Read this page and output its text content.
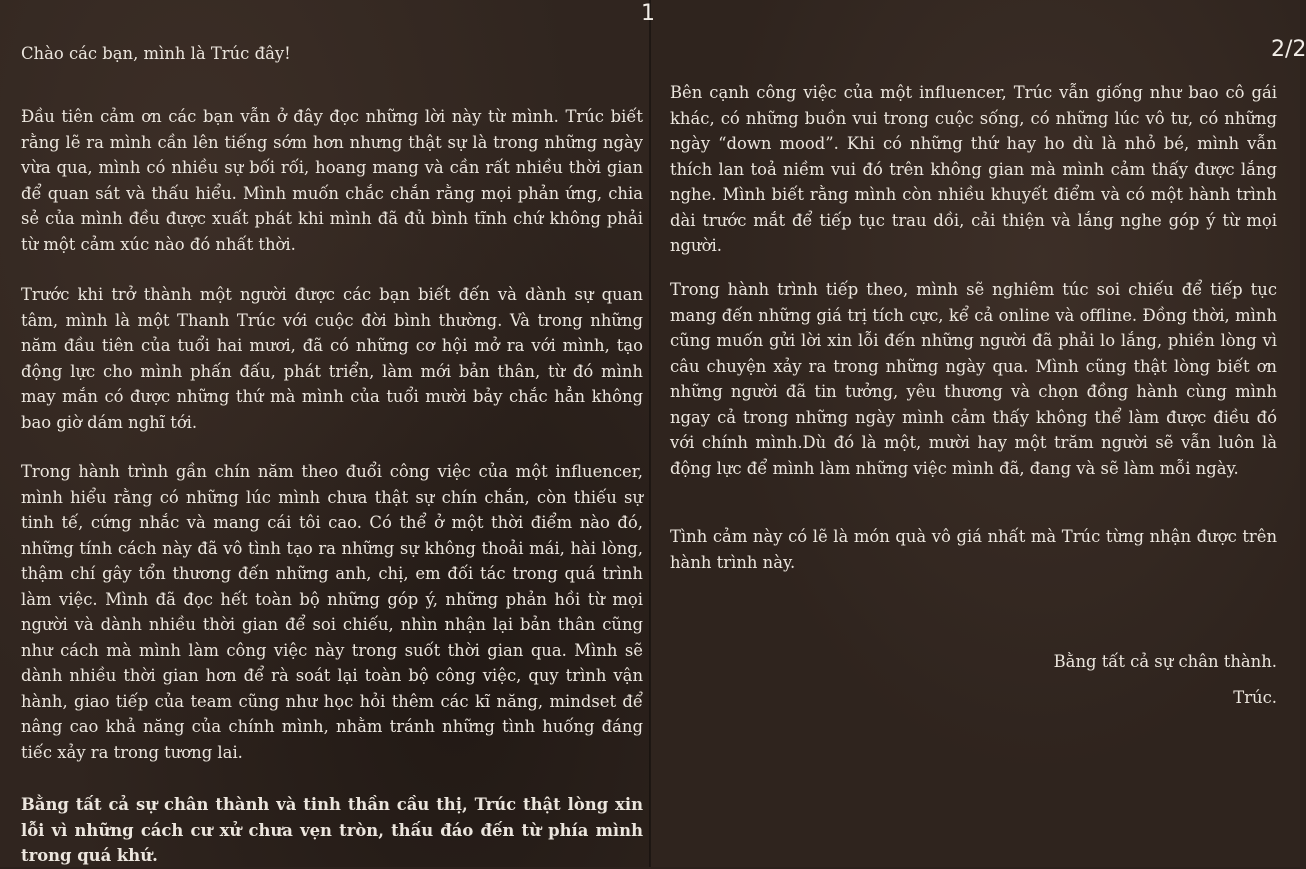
Chào các bạn, mình là Trúc đây!

Đầu tiên cảm ơn các bạn vẫn ở đây đọc những lời này từ mình. Trúc biết rằng lẽ ra mình cần lên tiếng sớm hơn nhưng thật sự là trong những ngày vừa qua, mình có nhiều sự bối rối, hoang mang và cần rất nhiều thời gian để quan sát và thấu hiểu. Mình muốn chắc chắn rằng mọi phản ứng, chia sẻ của mình đều được xuất phát khi mình đã đủ bình tĩnh chứ không phải từ một cảm xúc nào đó nhất thời.

Trước khi trở thành một người được các bạn biết đến và dành sự quan tâm, mình là một Thanh Trúc với cuộc đời bình thường. Và trong những năm đầu tiên của tuổi hai mươi, đã có những cơ hội mở ra với mình, tạo động lực cho mình phấn đấu, phát triển, làm mới bản thân, từ đó mình may mắn có được những thứ mà mình của tuổi mười bảy chắc hẳn không bao giờ dám nghĩ tới.

Trong hành trình gần chín năm theo đuổi công việc của một influencer, mình hiểu rằng có những lúc mình chưa thật sự chín chắn, còn thiếu sự tinh tế, cứng nhắc và mang cái tôi cao. Có thể ở một thời điểm nào đó, những tính cách này đã vô tình tạo ra những sự không thoải mái, hài lòng, thậm chí gây tổn thương đến những anh, chị, em đối tác trong quá trình làm việc. Mình đã đọc hết toàn bộ những góp ý, những phản hồi từ mọi người và dành nhiều thời gian để soi chiếu, nhìn nhận lại bản thân cũng như cách mà mình làm công việc này trong suốt thời gian qua. Mình sẽ dành nhiều thời gian hơn để rà soát lại toàn bộ công việc, quy trình vận hành, giao tiếp của team cũng như học hỏi thêm các kĩ năng, mindset để nâng cao khả năng của chính mình, nhằm tránh những tình huống đáng tiếc xảy ra trong tương lai.

Bằng tất cả sự chân thành và tinh thần cầu thị, Trúc thật lòng xin lỗi vì những cách cư xử chưa vẹn tròn, thấu đáo đến từ phía mình trong quá khứ.

Bên cạnh công việc của một influencer, Trúc vẫn giống như bao cô gái khác, có những buồn vui trong cuộc sống, có những lúc vô tư, có những ngày “down mood”. Khi có những thứ hay ho dù là nhỏ bé, mình vẫn thích lan toả niềm vui đó trên không gian mà mình cảm thấy được lắng nghe. Mình biết rằng mình còn nhiều khuyết điểm và có một hành trình dài trước mắt để tiếp tục trau dồi, cải thiện và lắng nghe góp ý từ mọi người.

Trong hành trình tiếp theo, mình sẽ nghiêm túc soi chiếu để tiếp tục mang đến những giá trị tích cực, kể cả online và offline. Đồng thời, mình cũng muốn gửi lời xin lỗi đến những người đã phải lo lắng, phiền lòng vì câu chuyện xảy ra trong những ngày qua. Mình cũng thật lòng biết ơn những người đã tin tưởng, yêu thương và chọn đồng hành cùng mình ngay cả trong những ngày mình cảm thấy không thể làm được điều đó với chính mình.Dù đó là một, mười hay một trăm người sẽ vẫn luôn là động lực để mình làm những việc mình đã, đang và sẽ làm mỗi ngày.

Tình cảm này có lẽ là món quà vô giá nhất mà Trúc từng nhận được trên hành trình này.

Bằng tất cả sự chân thành.

Trúc.

1
2/2
